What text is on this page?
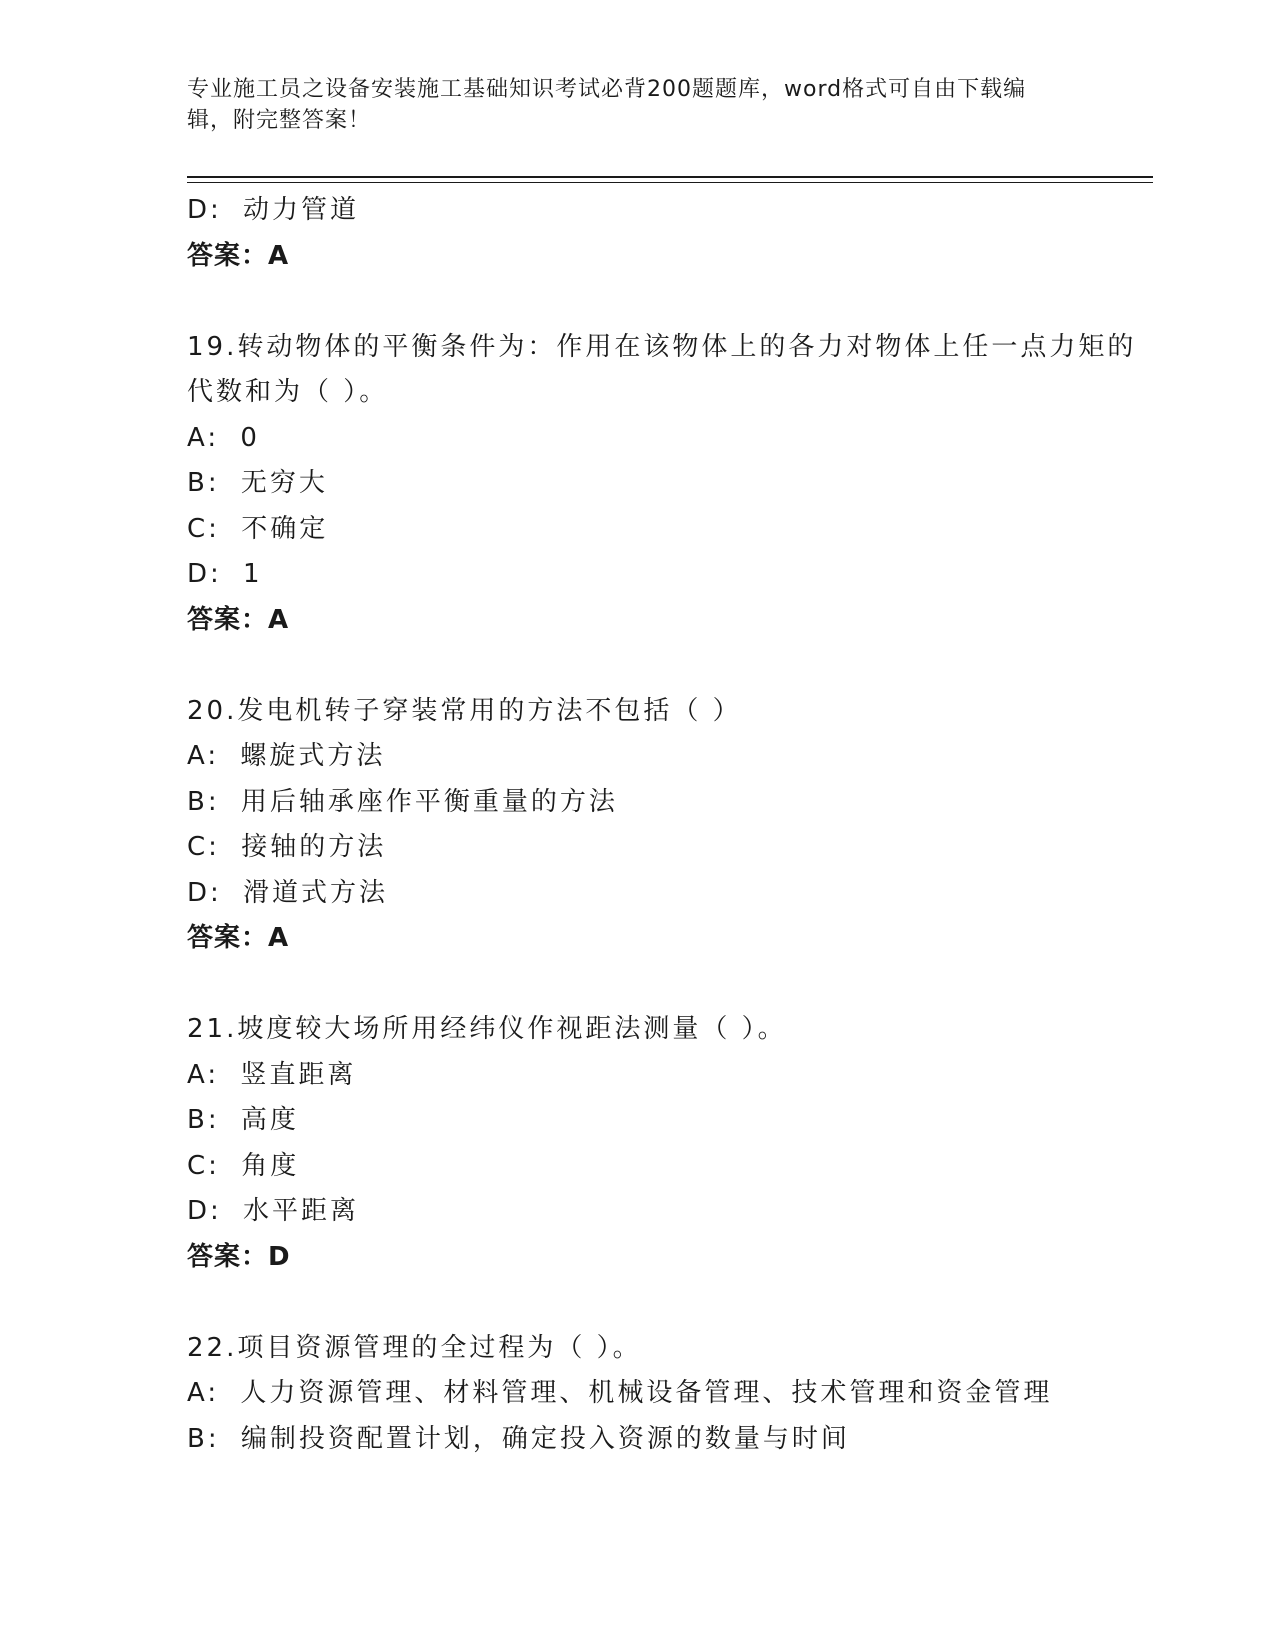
专业施工员之设备安装施工基础知识考试必背200题题库，word格式可自由下载编辑，附完整答案！
D: 动力管道
答案：A
19.转动物体的平衡条件为：作用在该物体上的各力对物体上任一点力矩的代数和为（ ）。
A: 0
B: 无穷大
C: 不确定
D: 1
答案：A
20.发电机转子穿装常用的方法不包括（ ）
A: 螺旋式方法
B: 用后轴承座作平衡重量的方法
C: 接轴的方法
D: 滑道式方法
答案：A
21.坡度较大场所用经纬仪作视距法测量（ ）。
A: 竖直距离
B: 高度
C: 角度
D: 水平距离
答案：D
22.项目资源管理的全过程为（ ）。
A: 人力资源管理、材料管理、机械设备管理、技术管理和资金管理
B: 编制投资配置计划，确定投入资源的数量与时间
